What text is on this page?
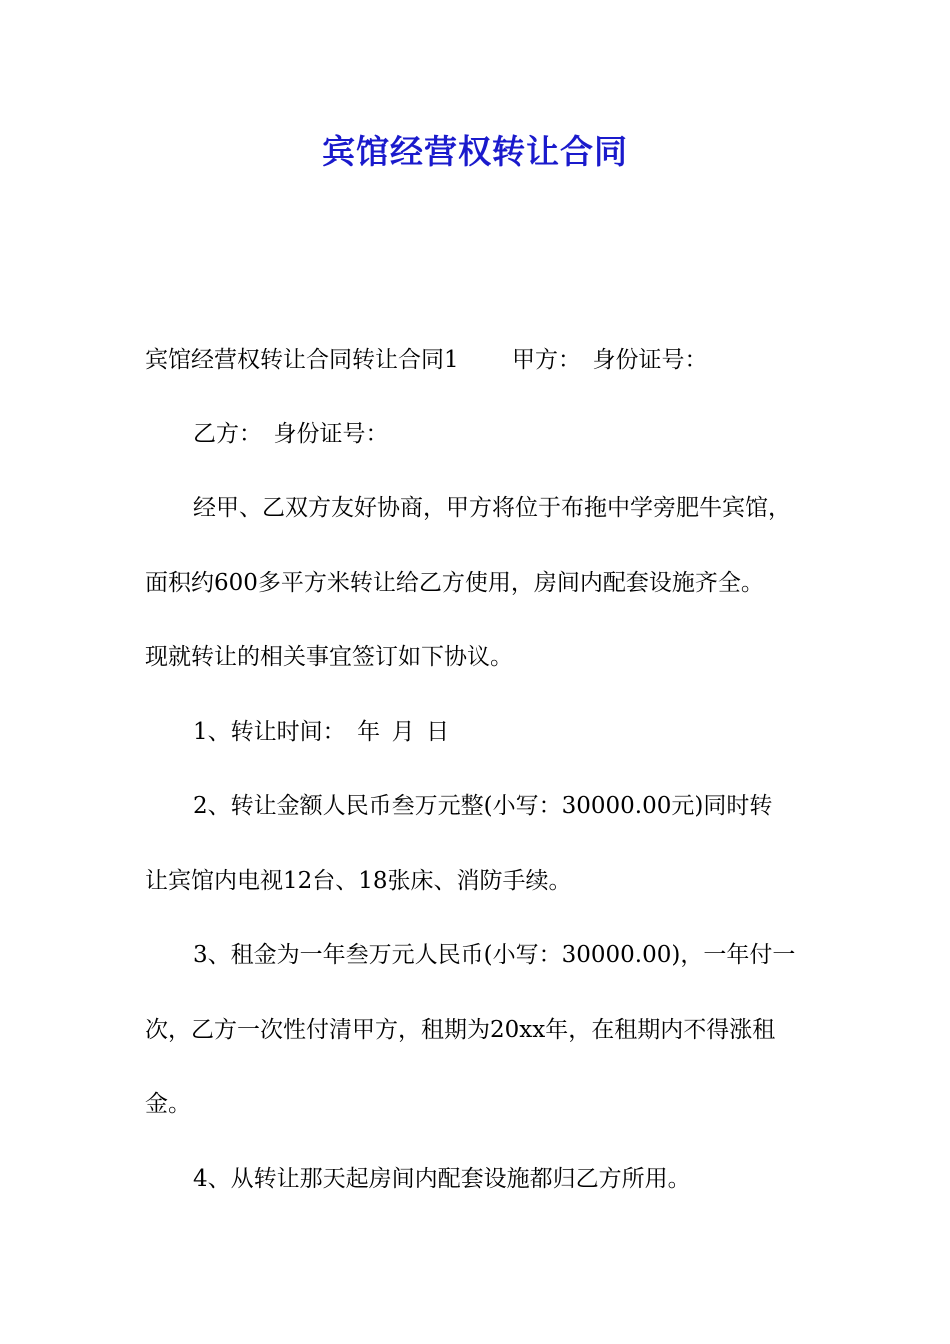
宾馆经营权转让合同

宾馆经营权转让合同转让合同1　　 甲方：　身份证号：

乙方：　身份证号：

经甲、乙双方友好协商，甲方将位于布拖中学旁肥牛宾馆，

面积约600多平方米转让给乙方使用，房间内配套设施齐全。

现就转让的相关事宜签订如下协议。

1、转让时间：　年 月 日

2、转让金额人民币叁万元整(小写：30000.00元)同时转

让宾馆内电视12台、18张床、消防手续。

3、租金为一年叁万元人民币(小写：30000.00)，一年付一

次，乙方一次性付清甲方，租期为20xx年，在租期内不得涨租

金。

4、从转让那天起房间内配套设施都归乙方所用。
